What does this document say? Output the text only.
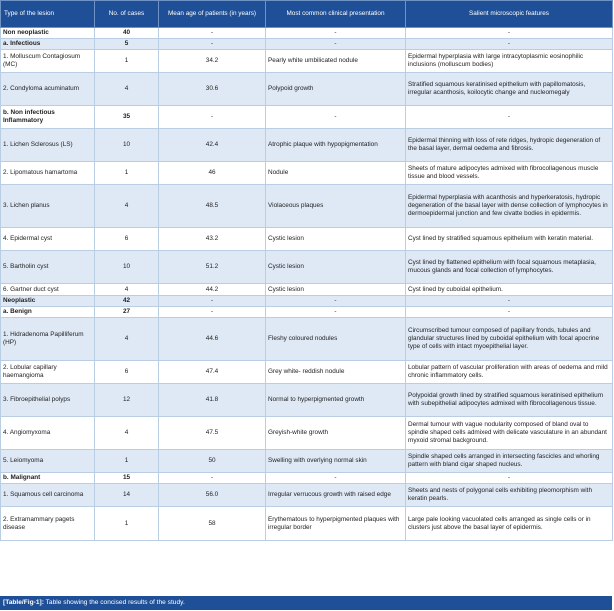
Type of the lesion	No. of cases	Mean age of patients (in years)	Most common clinical presentation	Salient microscopic features
Non neoplastic	40	-	-	-
a. Infectious	5	-	-	-
1. Molluscum Contagiosum (MC)	1	34.2	Pearly white umbilicated nodule	Epidermal hyperplasia with large intracytoplasmic eosinophilic inclusions (molluscum bodies)
2. Condyloma acuminatum	4	30.6	Polypoid growth	Stratified squamous keratinised epithelium with papillomatosis, irregular acanthosis, koilocytic change and nucleomegaly
b. Non infectious Inflammatory	35	-	-	-
1. Lichen Sclerosus (LS)	10	42.4	Atrophic plaque with hypopigmentation	Epidermal thinning with loss of rete ridges, hydropic degeneration of the basal layer, dermal oedema and fibrosis.
2. Lipomatous hamartoma	1	46	Nodule	Sheets of mature adipocytes admixed with fibrocollagenous muscle tissue and blood vessels.
3. Lichen planus	4	48.5	Violaceous plaques	Epidermal hyperplasia with acanthosis and hyperkeratosis, hydropic degeneration of the basal layer with dense collection of lymphocytes in dermoepidermal junction and few civatte bodies in epidermis.
4. Epidermal cyst	6	43.2	Cystic lesion	Cyst lined by stratified squamous epithelium with keratin material.
5. Bartholin cyst	10	51.2	Cystic lesion	Cyst lined by flattened epithelium with focal squamous metaplasia, mucous glands and focal collection of lymphocytes.
6. Gartner duct cyst	4	44.2	Cystic lesion	Cyst lined by cuboidal epithelium.
Neoplastic	42	-	-	-
a. Benign	27	-	-	-
1. Hidradenoma Papilliferum (HP)	4	44.6	Fleshy coloured nodules	Circumscribed tumour composed of papillary fronds, tubules and glandular structures lined by cuboidal epithelium with focal apocrine type of cells with intact myoepithelial layer.
2. Lobular capillary haemangioma	6	47.4	Grey white- reddish nodule	Lobular pattern of vascular proliferation with areas of oedema and mild chronic inflammatory cells.
3. Fibroepithelial polyps	12	41.8	Normal to hyperpigmented growth	Polypoidal growth lined by stratified squamous keratinised epithelium with subepithelial adipocytes admixed with fibrocollagenous tissue.
4. Angiomyxoma	4	47.5	Greyish-white growth	Dermal tumour with vague nodularity composed of bland oval to spindle shaped cells admixed with delicate vasculature in an abundant myxoid stromal background.
5. Leiomyoma	1	50	Swelling with overlying normal skin	Spindle shaped cells arranged in intersecting fascicles and whorling pattern with bland cigar shaped nucleus.
b. Malignant	15	-	-	-
1. Squamous cell carcinoma	14	56.0	Irregular verrucous growth with raised edge	Sheets and nests of polygonal cells exhibiting pleomorphism with keratin pearls.
2. Extramammary pagets disease	1	58	Erythematous to hyperpigmented plaques with irregular border	Large pale looking vacuolated cells arranged as single cells or in clusters just above the basal layer of epidermis.
[Table/Fig-1]: Table showing the concised results of the study.
